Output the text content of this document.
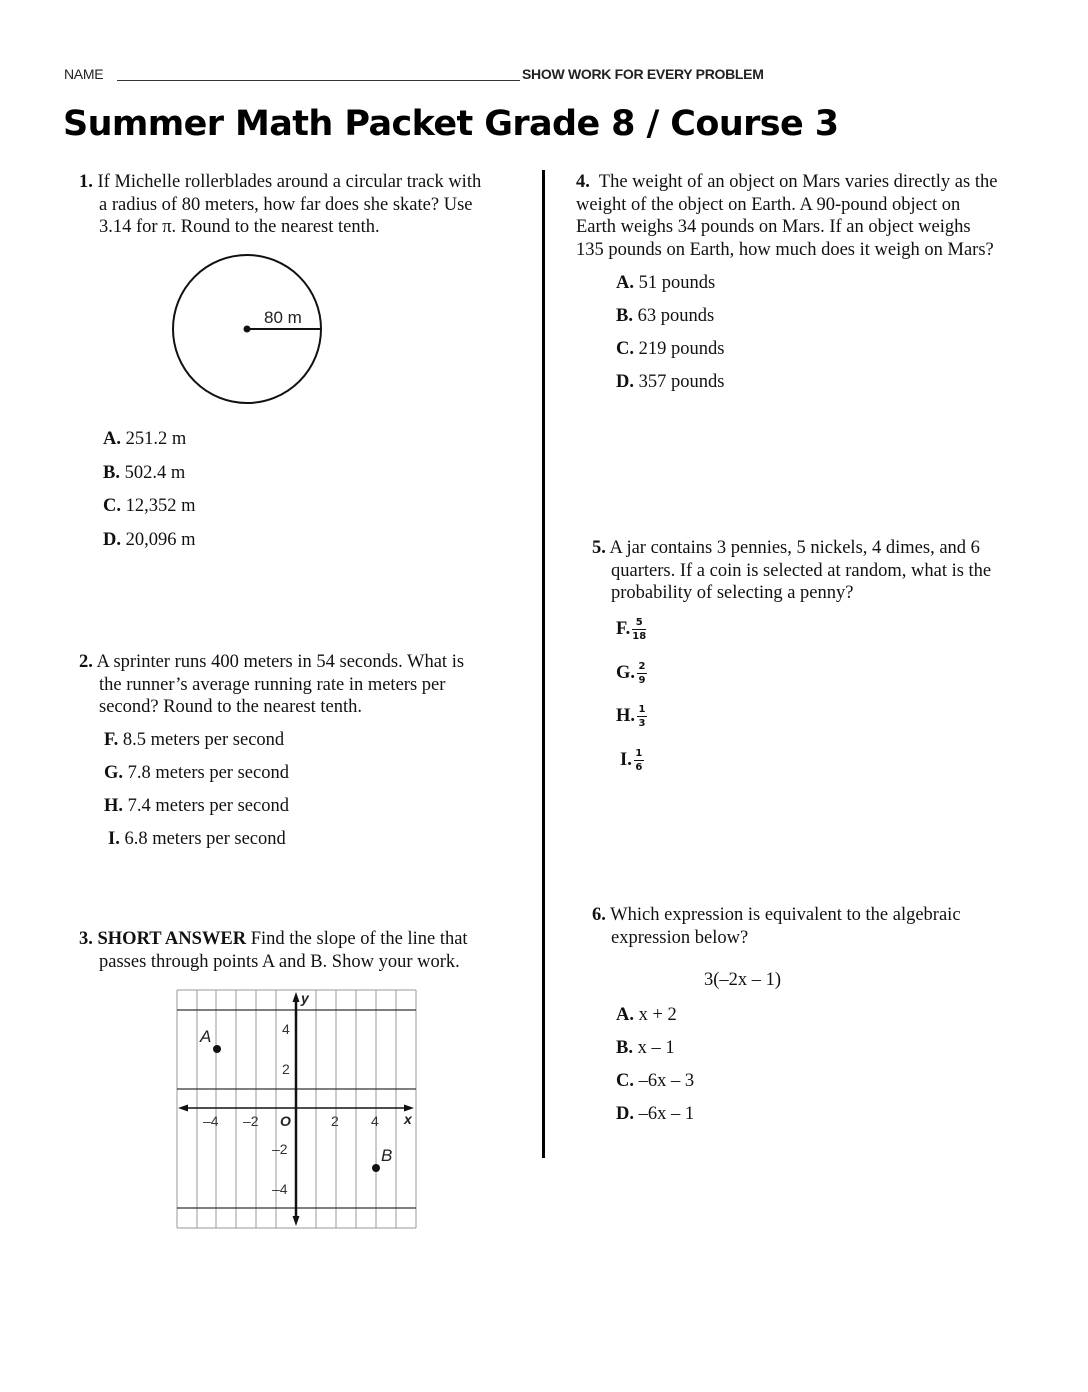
NAME	SHOW WORK FOR EVERY PROBLEM
Summer Math Packet Grade 8 / Course 3
1. If Michelle rollerblades around a circular track with
a radius of 80 meters, how far does she skate? Use
3.14 for π. Round to the nearest tenth.
80 m
A. 251.2 m
B. 502.4 m
C. 12,352 m
D. 20,096 m
2. A sprinter runs 400 meters in 54 seconds. What is
the runner’s average running rate in meters per
second? Round to the nearest tenth.
F. 8.5 meters per second
G. 7.8 meters per second
H. 7.4 meters per second
I. 6.8 meters per second
3. SHORT ANSWER Find the slope of the line that
passes through points A and B. Show your work.
y
x
O
–4 –2	2 4
4
2
–2
–4
A
B
4. The weight of an object on Mars varies directly as the
weight of the object on Earth. A 90-pound object on
Earth weighs 34 pounds on Mars. If an object weighs
135 pounds on Earth, how much does it weigh on Mars?
A. 51 pounds
B. 63 pounds
C. 219 pounds
D. 357 pounds
5. A jar contains 3 pennies, 5 nickels, 4 dimes, and 6
quarters. If a coin is selected at random, what is the
probability of selecting a penny?
F. $\frac{5}{18}$
G. $\frac{2}{9}$
H. $\frac{1}{3}$
I. $\frac{1}{6}$
6. Which expression is equivalent to the algebraic
expression below?
3(–2x – 1)
A. x + 2
B. x – 1
C. –6x – 3
D. –6x – 1
